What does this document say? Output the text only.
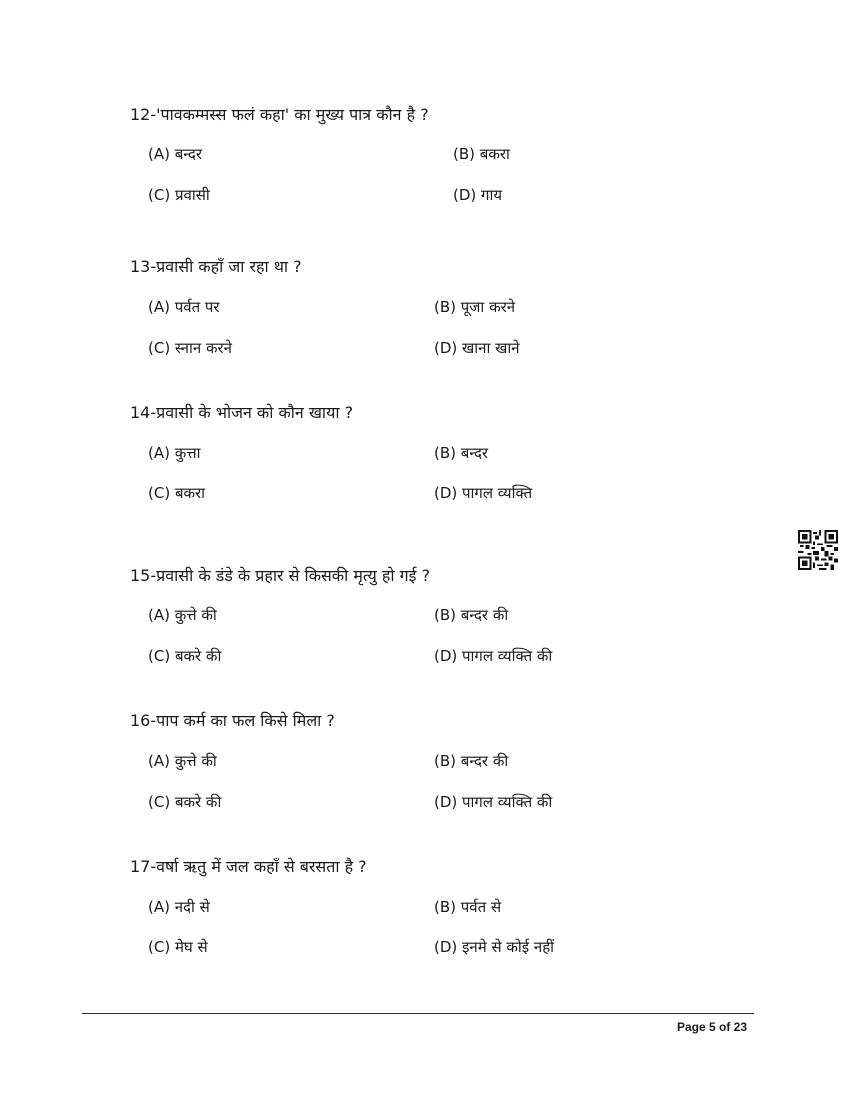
12-'पावकम्मस्स फलं कहा' का मुख्य पात्र कौन है ?
(A) बन्दर	(B) बकरा
(C) प्रवासी	(D) गाय
13-प्रवासी कहाँ जा रहा था ?
(A) पर्वत पर	(B) पूजा करने
(C) स्नान करने	(D) खाना खाने
14-प्रवासी के भोजन को कौन खाया ?
(A) कुत्ता	(B) बन्दर
(C) बकरा	(D) पागल व्यक्ति
15-प्रवासी के डंडे के प्रहार से किसकी मृत्यु हो गई ?
(A) कुत्ते की	(B) बन्दर की
(C) बकरे की	(D) पागल व्यक्ति की
16-पाप कर्म का फल किसे मिला ?
(A) कुत्ते की	(B) बन्दर की
(C) बकरे की	(D) पागल व्यक्ति की
17-वर्षा ऋतु में जल कहाँ से बरसता है ?
(A) नदी से	(B) पर्वत से
(C) मेघ से	(D) इनमे से कोई नहीं
Page 5 of 23
